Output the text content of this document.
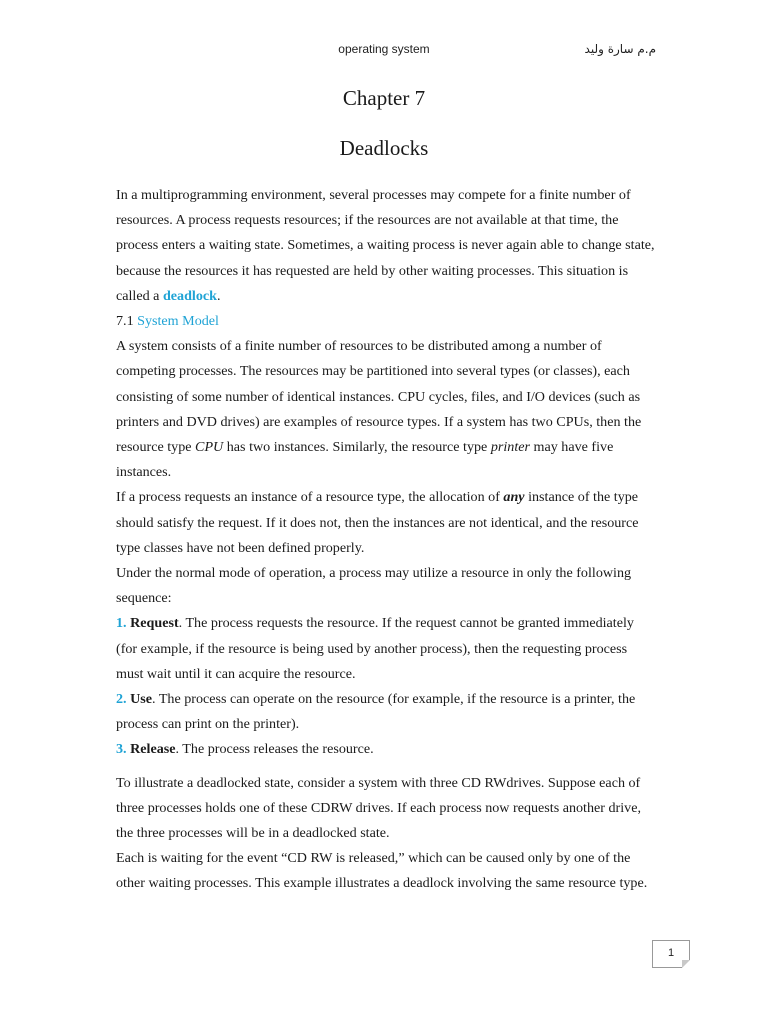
operating system	م.م سارة وليد
Chapter 7
Deadlocks

In a multiprogramming environment, several processes may compete for a finite number of resources. A process requests resources; if the resources are not available at that time, the process enters a waiting state. Sometimes, a waiting process is never again able to change state, because the resources it has requested are held by other waiting processes. This situation is called a deadlock.

7.1 System Model

A system consists of a finite number of resources to be distributed among a number of competing processes. The resources may be partitioned into several types (or classes), each consisting of some number of identical instances. CPU cycles, files, and I/O devices (such as printers and DVD drives) are examples of resource types. If a system has two CPUs, then the resource type CPU has two instances. Similarly, the resource type printer may have five instances.

If a process requests an instance of a resource type, the allocation of any instance of the type should satisfy the request. If it does not, then the instances are not identical, and the resource type classes have not been defined properly.

Under the normal mode of operation, a process may utilize a resource in only the following sequence:

1. Request. The process requests the resource. If the request cannot be granted immediately (for example, if the resource is being used by another process), then the requesting process must wait until it can acquire the resource.

2. Use. The process can operate on the resource (for example, if the resource is a printer, the process can print on the printer).

3. Release. The process releases the resource.

To illustrate a deadlocked state, consider a system with three CD RWdrives. Suppose each of three processes holds one of these CDRW drives. If each process now requests another drive, the three processes will be in a deadlocked state.

Each is waiting for the event “CD RW is released,” which can be caused only by one of the other waiting processes. This example illustrates a deadlock involving the same resource type.

1
